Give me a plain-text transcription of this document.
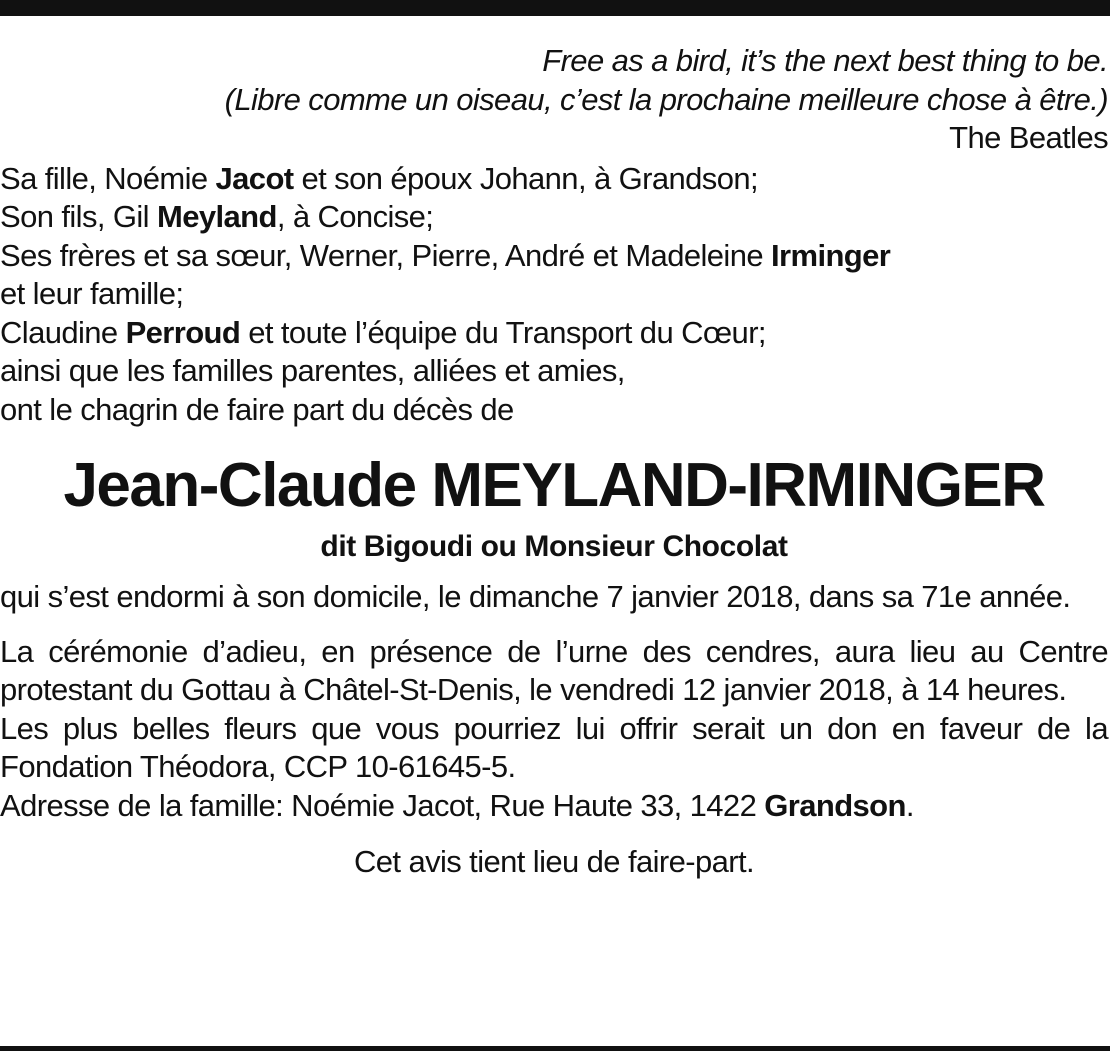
Free as a bird, it’s the next best thing to be.
(Libre comme un oiseau, c’est la prochaine meilleure chose à être.)
The Beatles
Sa fille, Noémie Jacot et son époux Johann, à Grandson;
Son fils, Gil Meyland, à Concise;
Ses frères et sa sœur, Werner, Pierre, André et Madeleine Irminger
et leur famille;
Claudine Perroud et toute l’équipe du Transport du Cœur;
ainsi que les familles parentes, alliées et amies,
ont le chagrin de faire part du décès de
Jean-Claude MEYLAND-IRMINGER
dit Bigoudi ou Monsieur Chocolat
qui s’est endormi à son domicile, le dimanche 7 janvier 2018, dans sa 71e année.
La cérémonie d’adieu, en présence de l’urne des cendres, aura lieu au Centre protestant du Gottau à Châtel-St-Denis, le vendredi 12 janvier 2018, à 14 heures.
Les plus belles fleurs que vous pourriez lui offrir serait un don en faveur de la Fondation Théodora, CCP 10-61645-5.
Adresse de la famille: Noémie Jacot, Rue Haute 33, 1422 Grandson.
Cet avis tient lieu de faire-part.
